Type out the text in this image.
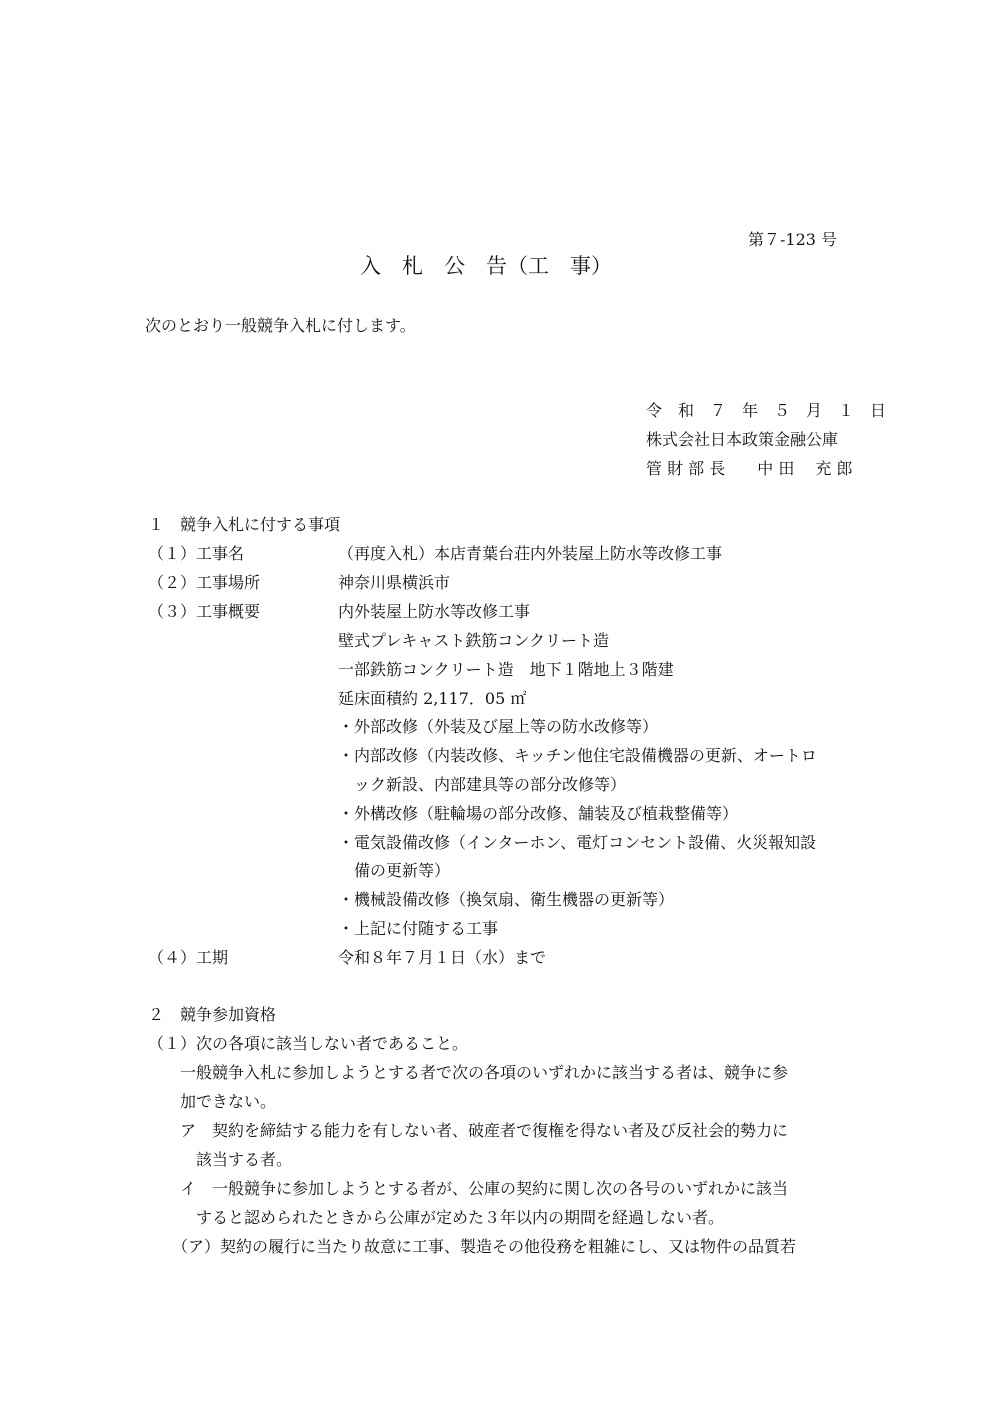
第７-123 号
入　札　公　告（工　事）
次のとおり一般競争入札に付します。
令　和　７　年　５　月　１　日
株式会社日本政策金融公庫
管 財 部 長　　中 田　 充 郎
１　競争入札に付する事項
（１）工事名	（再度入札）本店青葉台荘内外装屋上防水等改修工事
（２）工事場所	神奈川県横浜市
（３）工事概要	内外装屋上防水等改修工事
壁式プレキャスト鉄筋コンクリート造
一部鉄筋コンクリート造　地下１階地上３階建
延床面積約 2,117．05 ㎡
・外部改修（外装及び屋上等の防水改修等）
・内部改修（内装改修、キッチン他住宅設備機器の更新、オートロ
　ック新設、内部建具等の部分改修等）
・外構改修（駐輪場の部分改修、舗装及び植栽整備等）
・電気設備改修（インターホン、電灯コンセント設備、火災報知設
　備の更新等）
・機械設備改修（換気扇、衛生機器の更新等）
・上記に付随する工事
（４）工期	令和８年７月１日（水）まで
２　競争参加資格
（１）次の各項に該当しない者であること。
　　一般競争入札に参加しようとする者で次の各項のいずれかに該当する者は、競争に参
　　加できない。
　　ア　契約を締結する能力を有しない者、破産者で復権を得ない者及び反社会的勢力に
　　　該当する者。
　　イ　一般競争に参加しようとする者が、公庫の契約に関し次の各号のいずれかに該当
　　　すると認められたときから公庫が定めた３年以内の期間を経過しない者。
　　（ア）契約の履行に当たり故意に工事、製造その他役務を粗雑にし、又は物件の品質若
